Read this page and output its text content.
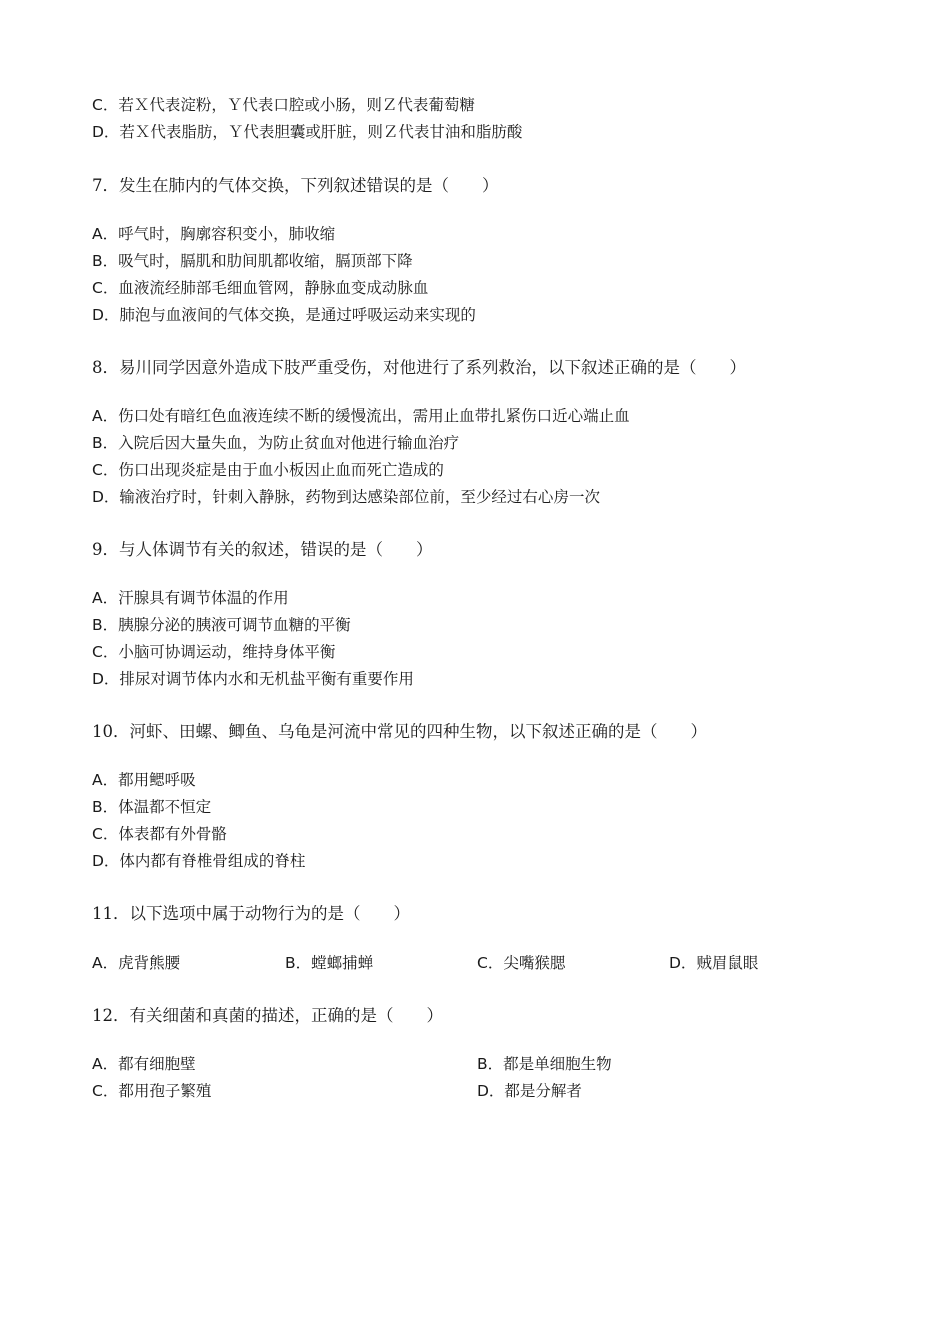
C．若Ｘ代表淀粉，Ｙ代表口腔或小肠，则Ｚ代表葡萄糖
D．若Ｘ代表脂肪，Ｙ代表胆囊或肝脏，则Ｚ代表甘油和脂肪酸
7．发生在肺内的气体交换，下列叙述错误的是（　　）
A．呼气时，胸廓容积变小，肺收缩
B．吸气时，膈肌和肋间肌都收缩，膈顶部下降
C．血液流经肺部毛细血管网，静脉血变成动脉血
D．肺泡与血液间的气体交换，是通过呼吸运动来实现的
8．易川同学因意外造成下肢严重受伤，对他进行了系列救治，以下叙述正确的是（　　）
A．伤口处有暗红色血液连续不断的缓慢流出，需用止血带扎紧伤口近心端止血
B．入院后因大量失血，为防止贫血对他进行输血治疗
C．伤口出现炎症是由于血小板因止血而死亡造成的
D．输液治疗时，针刺入静脉，药物到达感染部位前，至少经过右心房一次
9．与人体调节有关的叙述，错误的是（　　）
A．汗腺具有调节体温的作用
B．胰腺分泌的胰液可调节血糖的平衡
C．小脑可协调运动，维持身体平衡
D．排尿对调节体内水和无机盐平衡有重要作用
10．河虾、田螺、鲫鱼、乌龟是河流中常见的四种生物，以下叙述正确的是（　　）
A．都用鳃呼吸
B．体温都不恒定
C．体表都有外骨骼
D．体内都有脊椎骨组成的脊柱
11．以下选项中属于动物行为的是（　　）
A．虎背熊腰	B．螳螂捕蝉	C．尖嘴猴腮	D．贼眉鼠眼
12．有关细菌和真菌的描述，正确的是（　　）
A．都有细胞壁	B．都是单细胞生物
C．都用孢子繁殖	D．都是分解者
